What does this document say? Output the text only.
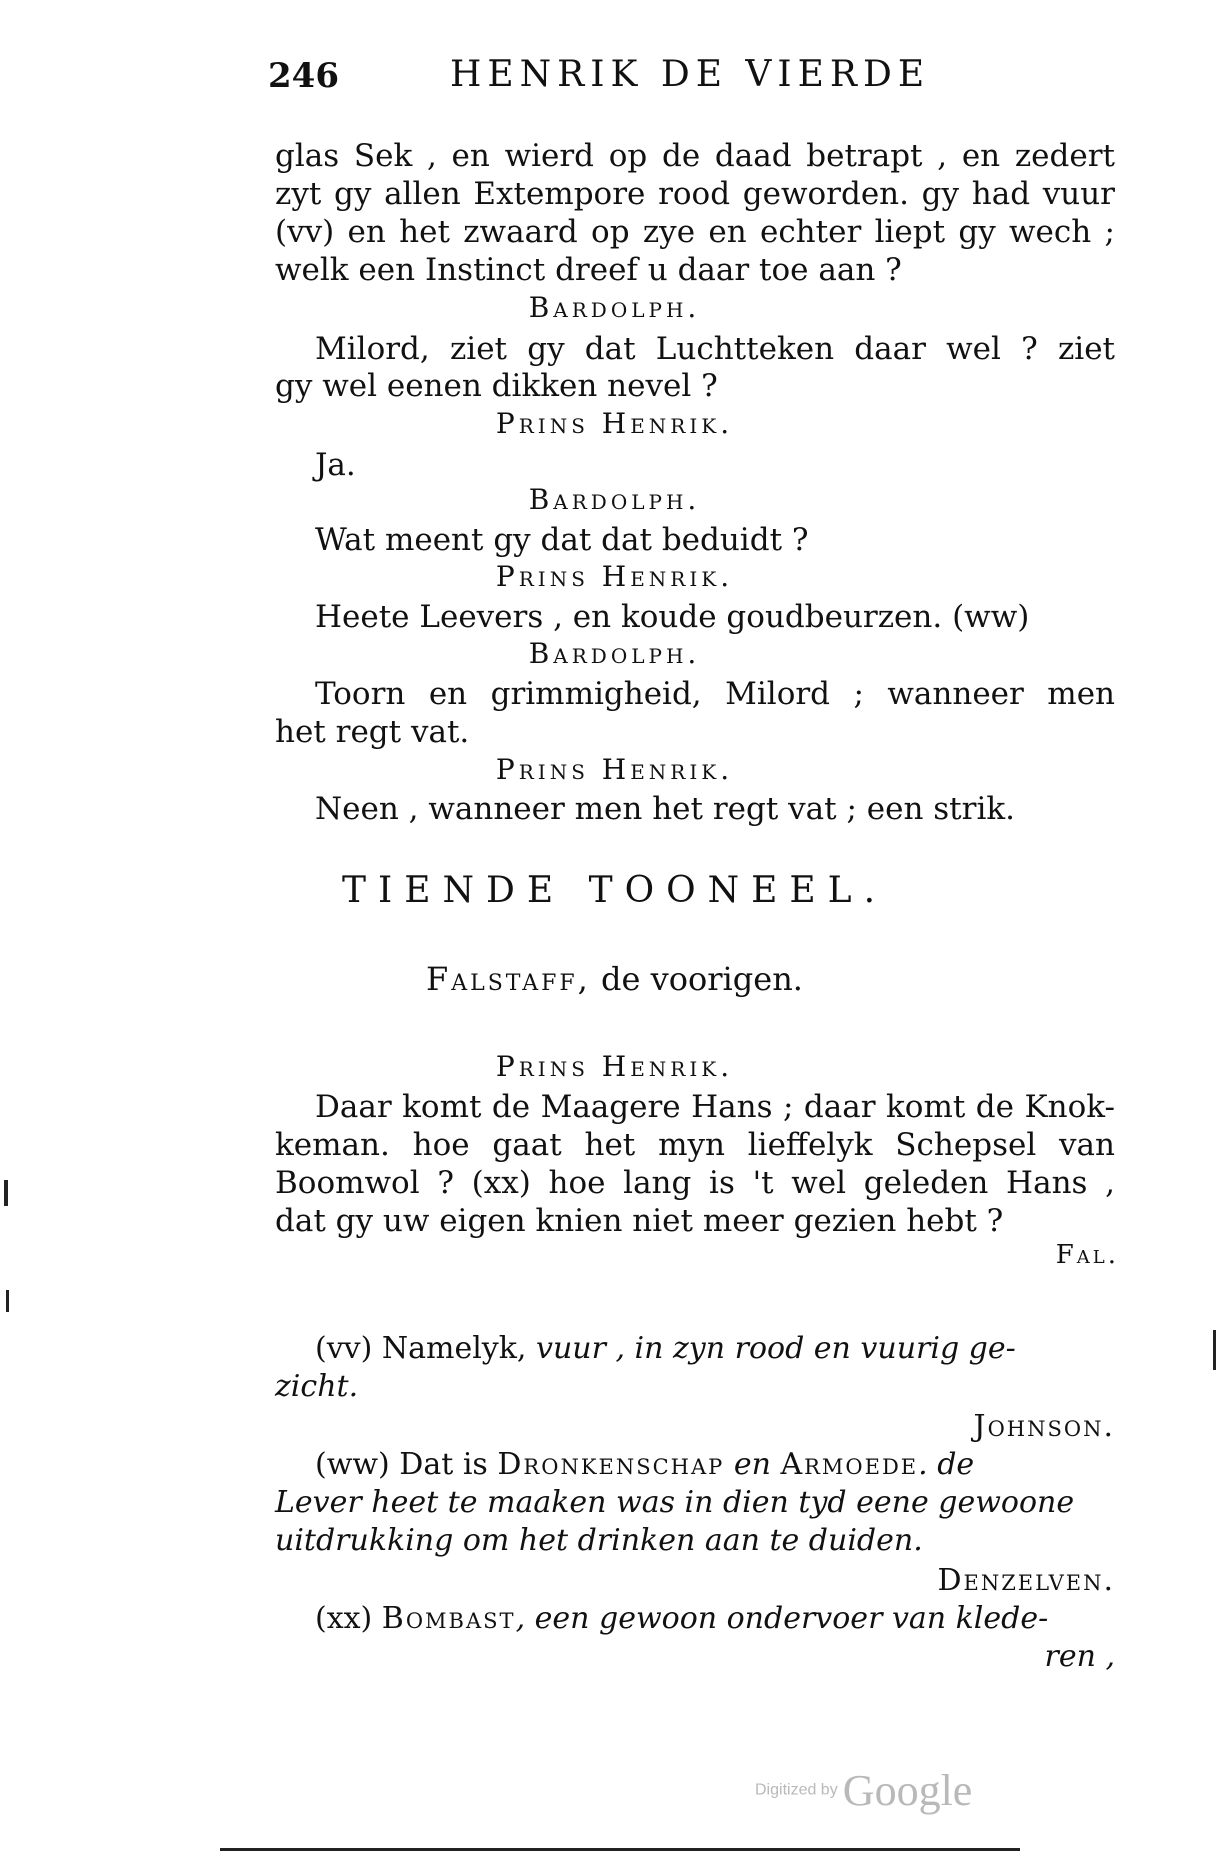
246	HENRIK DE VIERDE
glas Sek , en wierd op de daad betrapt , en zedert
zyt gy allen Extempore rood geworden. gy had vuur
(vv) en het zwaard op zye en echter liept gy wech ;
welk een Instinct dreef u daar toe aan ?
Bardolph.
Milord, ziet gy dat Luchtteken daar wel ? ziet
gy wel eenen dikken nevel ?
Prins Henrik.
Ja.
Bardolph.
Wat meent gy dat dat beduidt ?
Prins Henrik.
Heete Leevers , en koude goudbeurzen. (ww)
Bardolph.
Toorn en grimmigheid, Milord ; wanneer men
het regt vat.
Prins Henrik.
Neen , wanneer men het regt vat ; een strik.
TIENDE TOONEEL.
Falstaff, de voorigen.
Prins Henrik.
Daar komt de Maagere Hans ; daar komt de Knok-
keman. hoe gaat het myn lieffelyk Schepsel van
Boomwol ? (xx) hoe lang is 't wel geleden Hans ,
dat gy uw eigen knien niet meer gezien hebt ?
Fal.
(vv) Namelyk, vuur , in zyn rood en vuurig ge-
zicht.
Johnson.
(ww) Dat is Dronkenschap en Armoede. de
Lever heet te maaken was in dien tyd eene gewoone
uitdrukking om het drinken aan te duiden.
Denzelven.
(xx) Bombast, een gewoon ondervoer van klede-
ren ,
Digitized by Google
